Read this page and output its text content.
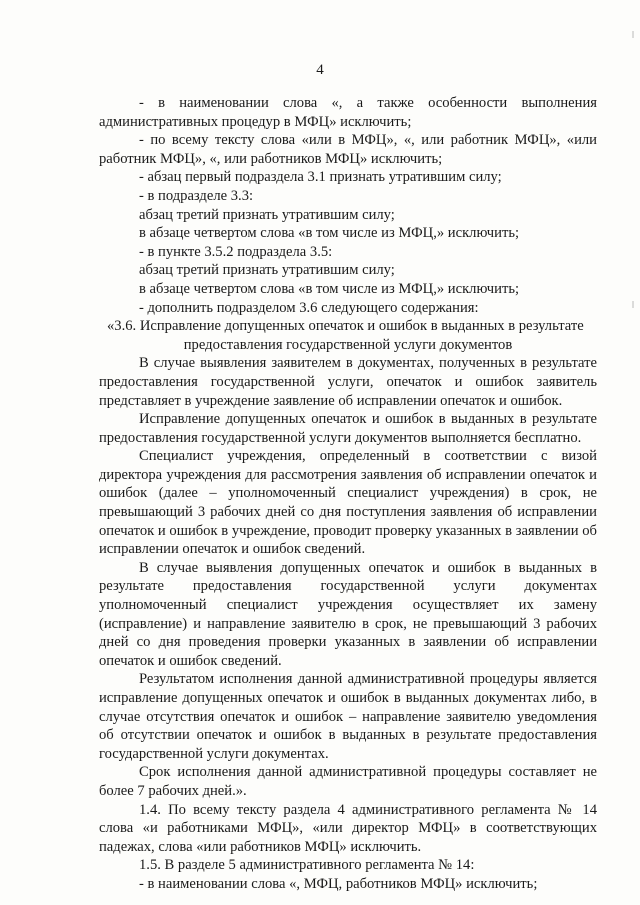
4

- в наименовании слова «, а также особенности выполнения административных процедур в МФЦ» исключить;

- по всему тексту слова «или в МФЦ», «, или работник МФЦ», «или работник МФЦ», «, или работников МФЦ» исключить;

- абзац первый подраздела 3.1 признать утратившим силу;

- в подразделе 3.3:

абзац третий признать утратившим силу;

в абзаце четвертом слова «в том числе из МФЦ,» исключить;

- в пункте 3.5.2 подраздела 3.5:

абзац третий признать утратившим силу;

в абзаце четвертом слова «в том числе из МФЦ,» исключить;

- дополнить подразделом 3.6 следующего содержания:

«3.6. Исправление допущенных опечаток и ошибок в выданных в результате

предоставления государственной услуги документов

В случае выявления заявителем в документах, полученных в результате предоставления государственной услуги, опечаток и ошибок заявитель представляет в учреждение заявление об исправлении опечаток и ошибок.

Исправление допущенных опечаток и ошибок в выданных в результате предоставления государственной услуги документов выполняется бесплатно.

Специалист учреждения, определенный в соответствии с визой директора учреждения для рассмотрения заявления об исправлении опечаток и ошибок (далее – уполномоченный специалист учреждения) в срок, не превышающий 3 рабочих дней со дня поступления заявления об исправлении опечаток и ошибок в учреждение, проводит проверку указанных в заявлении об исправлении опечаток и ошибок сведений.

В случае выявления допущенных опечаток и ошибок в выданных в результате предоставления государственной услуги документах уполномоченный специалист учреждения осуществляет их замену (исправление) и направление заявителю в срок, не превышающий 3 рабочих дней со дня проведения проверки указанных в заявлении об исправлении опечаток и ошибок сведений.

Результатом исполнения данной административной процедуры является исправление допущенных опечаток и ошибок в выданных документах либо, в случае отсутствия опечаток и ошибок – направление заявителю уведомления об отсутствии опечаток и ошибок в выданных в результате предоставления государственной услуги документах.

Срок исполнения данной административной процедуры составляет не более 7 рабочих дней.».

1.4. По всему тексту раздела 4 административного регламента № 14 слова «и работниками МФЦ», «или директор МФЦ» в соответствующих падежах, слова «или работников МФЦ» исключить.

1.5. В разделе 5 административного регламента № 14:

- в наименовании слова «, МФЦ, работников МФЦ» исключить;

ǀ
ǀ
